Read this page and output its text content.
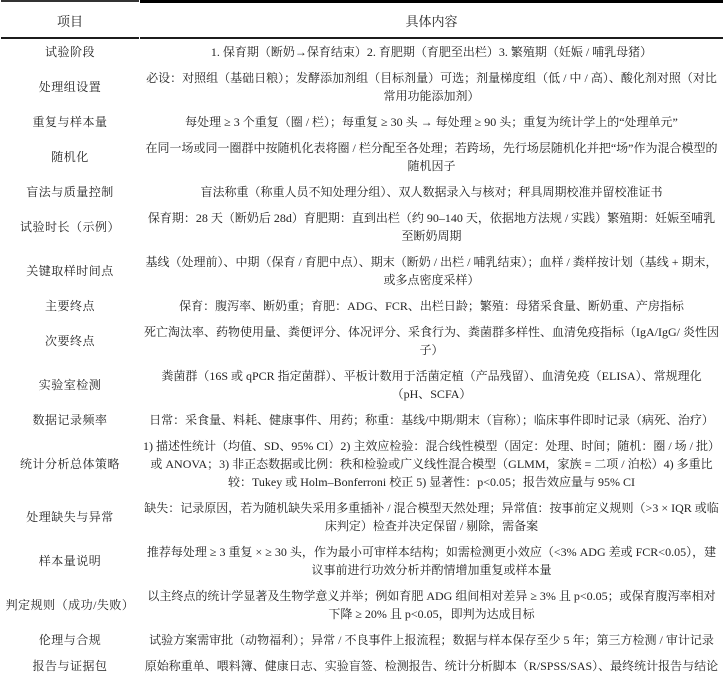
项目	具体内容
试验阶段	1. 保育期（断奶→保育结束）2. 育肥期（育肥至出栏）3. 繁殖期（妊娠 / 哺乳母猪）
处理组设置	必设：对照组（基础日粮）；发酵添加剂组（目标剂量）可选；剂量梯度组（低 / 中 / 高）、酸化剂对照（对比常用功能添加剂）
重复与样本量	每处理 ≥ 3 个重复（圈 / 栏）；每重复 ≥ 30 头 → 每处理 ≥ 90 头；重复为统计学上的“处理单元”
随机化	在同一场或同一圈群中按随机化表将圈 / 栏分配至各处理；若跨场，先行场层随机化并把“场”作为混合模型的随机因子
盲法与质量控制	盲法称重（称重人员不知处理分组）、双人数据录入与核对；秤具周期校准并留校准证书
试验时长（示例）	保育期：28 天（断奶后 28d）育肥期：直到出栏（约 90–140 天，依据地方法规 / 实践）繁殖期：妊娠至哺乳至断奶周期
关键取样时间点	基线（处理前）、中期（保育 / 育肥中点）、期末（断奶 / 出栏 / 哺乳结束）；血样 / 粪样按计划（基线 + 期末，或多点密度采样）
主要终点	保育：腹泻率、断奶重；育肥：ADG、FCR、出栏日龄；繁殖：母猪采食量、断奶重、产房指标
次要终点	死亡淘汰率、药物使用量、粪便评分、体况评分、采食行为、粪菌群多样性、血清免疫指标（IgA/IgG/ 炎性因子）
实验室检测	粪菌群（16S 或 qPCR 指定菌群）、平板计数用于活菌定植（产品残留）、血清免疫（ELISA）、常规理化（pH、SCFA）
数据记录频率	日常：采食量、料耗、健康事件、用药；称重：基线/中期/期末（盲称）；临床事件即时记录（病死、治疗）
统计分析总体策略	1) 描述性统计（均值、SD、95% CI）2) 主效应检验：混合线性模型（固定：处理、时间；随机：圈 / 场 / 批）或 ANOVA；3) 非正态数据或比例：秩和检验或广义线性混合模型（GLMM，家族 = 二项 / 泊松）4) 多重比较：Tukey 或 Holm–Bonferroni 校正 5) 显著性：p<0.05；报告效应量与 95% CI
处理缺失与异常	缺失：记录原因，若为随机缺失采用多重插补 / 混合模型天然处理；异常值：按事前定义规则（>3 × IQR 或临床判定）检查并决定保留 / 剔除，需备案
样本量说明	推荐每处理 ≥ 3 重复 × ≥ 30 头，作为最小可审样本结构；如需检测更小效应（<3% ADG 差或 FCR<0.05），建议事前进行功效分析并酌情增加重复或样本量
判定规则（成功/失败）	以主终点的统计学显著及生物学意义并举；例如育肥 ADG 组间相对差异 ≥ 3% 且 p<0.05；或保育腹泻率相对下降 ≥ 20% 且 p<0.05，即判为达成目标
伦理与合规	试验方案需审批（动物福利）；异常 / 不良事件上报流程；数据与样本保存至少 5 年；第三方检测 / 审计记录
报告与证据包	原始称重单、喂料簿、健康日志、实验盲签、检测报告、统计分析脚本（R/SPSS/SAS）、最终统计报告与结论
